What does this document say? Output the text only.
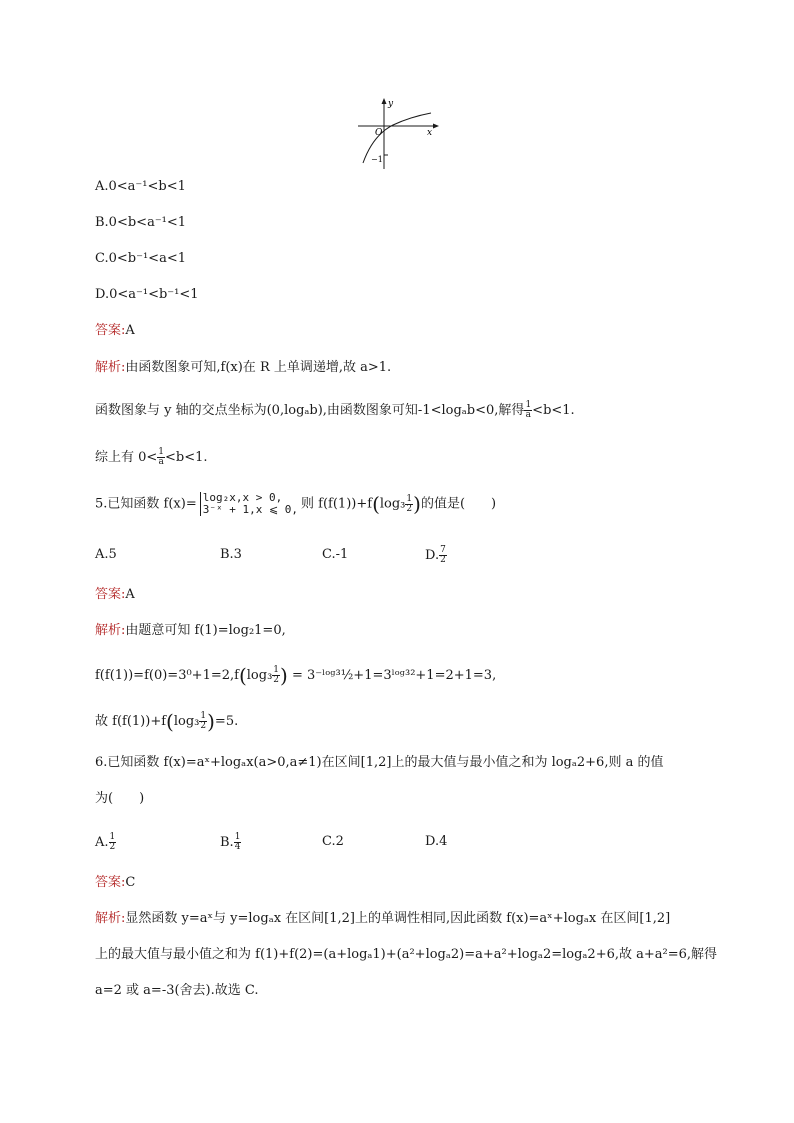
y
x
O
−1
A.0<a⁻¹<b<1
B.0<b<a⁻¹<1
C.0<b⁻¹<a<1
D.0<a⁻¹<b⁻¹<1
答案:A
解析:由函数图象可知,f(x)在 R 上单调递增,故 a>1.
函数图象与 y 轴的交点坐标为(0,logₐb),由函数图象可知-1<logₐb<0,解得 $\frac{1}{a} <b<1$.
综上有 $0< \frac{1}{a} <b<1$.
5.已知函数 f(x)= log₂x,x > 0,
3⁻ˣ + 1,x ⩽ 0, 则 $f(f(1))+f(\log_3 \frac{1}{2}$ )的值是(　　)
A.5	B.3	C.-1	D. $\frac{7}{2}$
答案:A
解析:由题意可知 f(1)=log₂1=0,
$f(f(1))=f(0)=3^0+1=2,f(\log_3 \frac{1}{2}$ ) = 3⁻ˡᵒᵍ³½+1=3ˡᵒᵍ³²+1=2+1=3,
故 $f(f(1))+f(\log_3 \frac{1}{2} )=5$.
6.已知函数 f(x)=aˣ+logₐx(a>0,a≠1)在区间[1,2]上的最大值与最小值之和为 logₐ2+6,则 a 的值
为(　　)
A. $\frac{1}{2}$	B. $\frac{1}{4}$	C.2	D.4
答案:C
解析:显然函数 y=aˣ与 y=logₐx 在区间[1,2]上的单调性相同,因此函数 f(x)=aˣ+logₐx 在区间[1,2]
上的最大值与最小值之和为 f(1)+f(2)=(a+logₐ1)+(a²+logₐ2)=a+a²+logₐ2=logₐ2+6,故 a+a²=6,解得
a=2 或 a=-3(舍去).故选 C.
